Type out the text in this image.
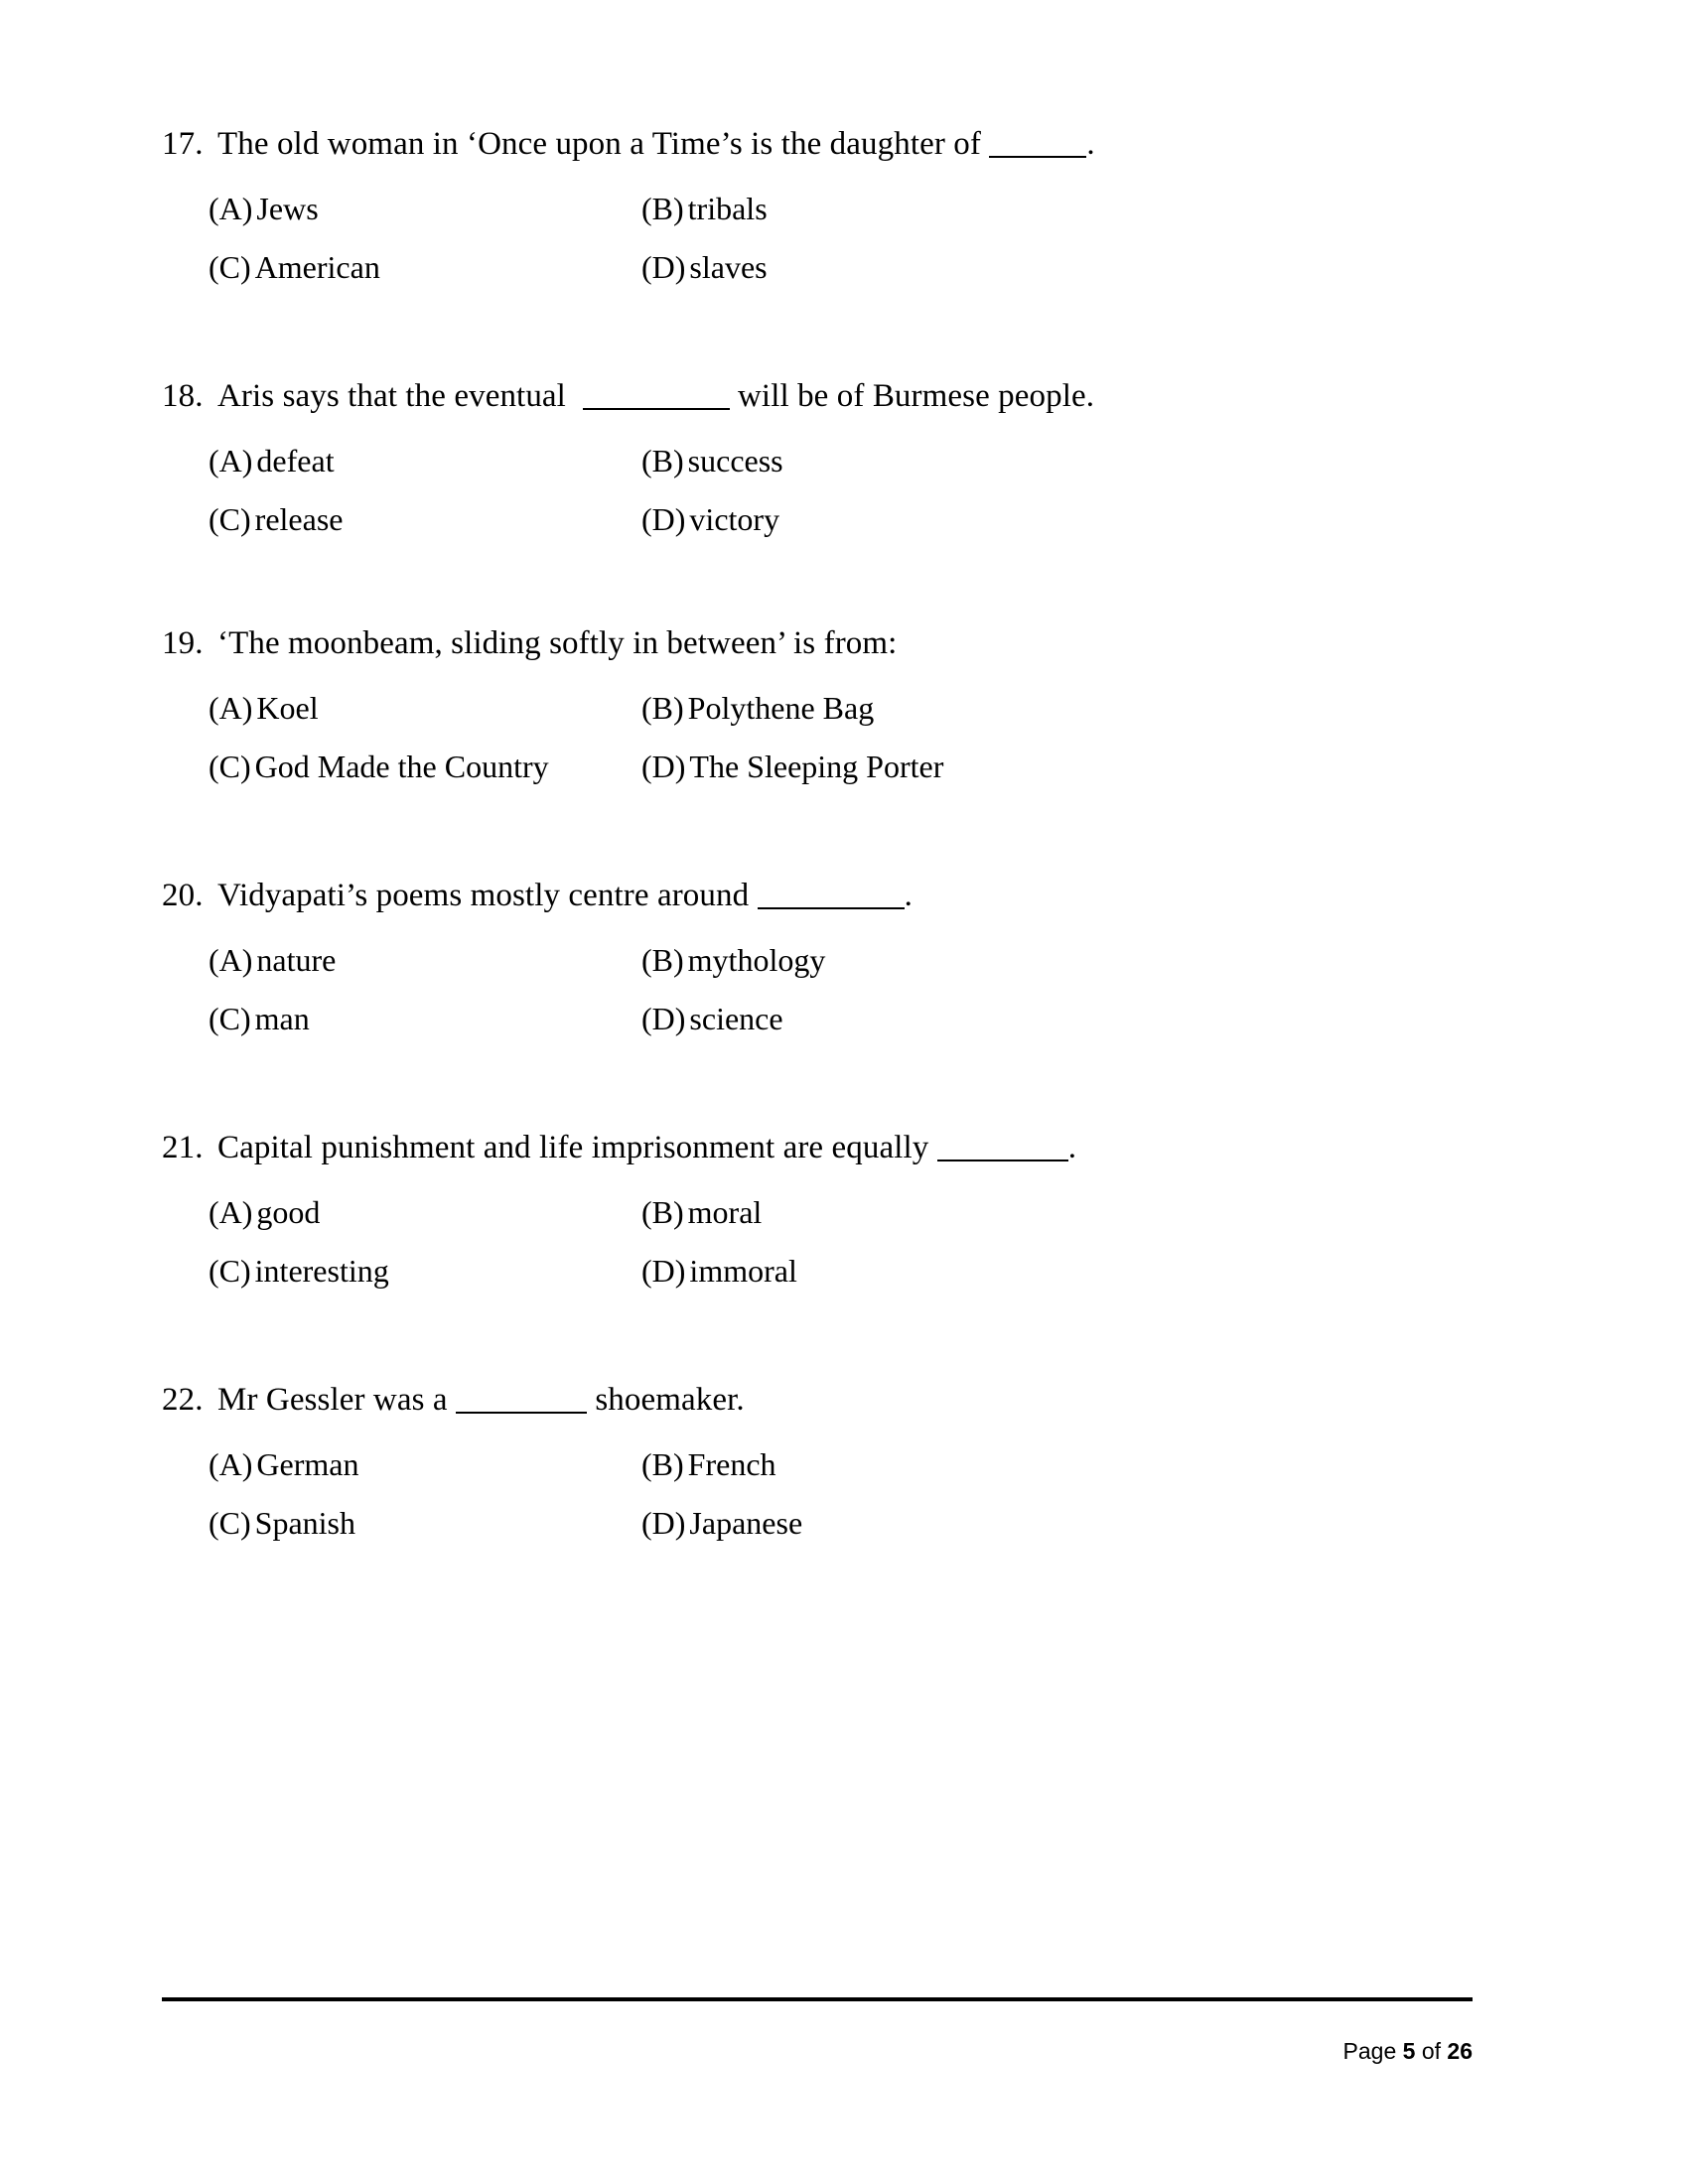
17. The old woman in ‘Once upon a Time’s is the daughter of	.
(A) Jews	(B) tribals
(C) American	(D) slaves
18. Aris says that the eventual	will be of Burmese people.
(A) defeat	(B) success
(C) release	(D) victory
19. ‘The moonbeam, sliding softly in between’ is from:
(A) Koel	(B) Polythene Bag
(C) God Made the Country	(D) The Sleeping Porter
20. Vidyapati’s poems mostly centre around	.
(A) nature	(B) mythology
(C) man	(D) science
21. Capital punishment and life imprisonment are equally	.
(A) good	(B) moral
(C) interesting	(D) immoral
22. Mr Gessler was a	shoemaker.
(A) German	(B) French
(C) Spanish	(D) Japanese

Page 5 of 26
